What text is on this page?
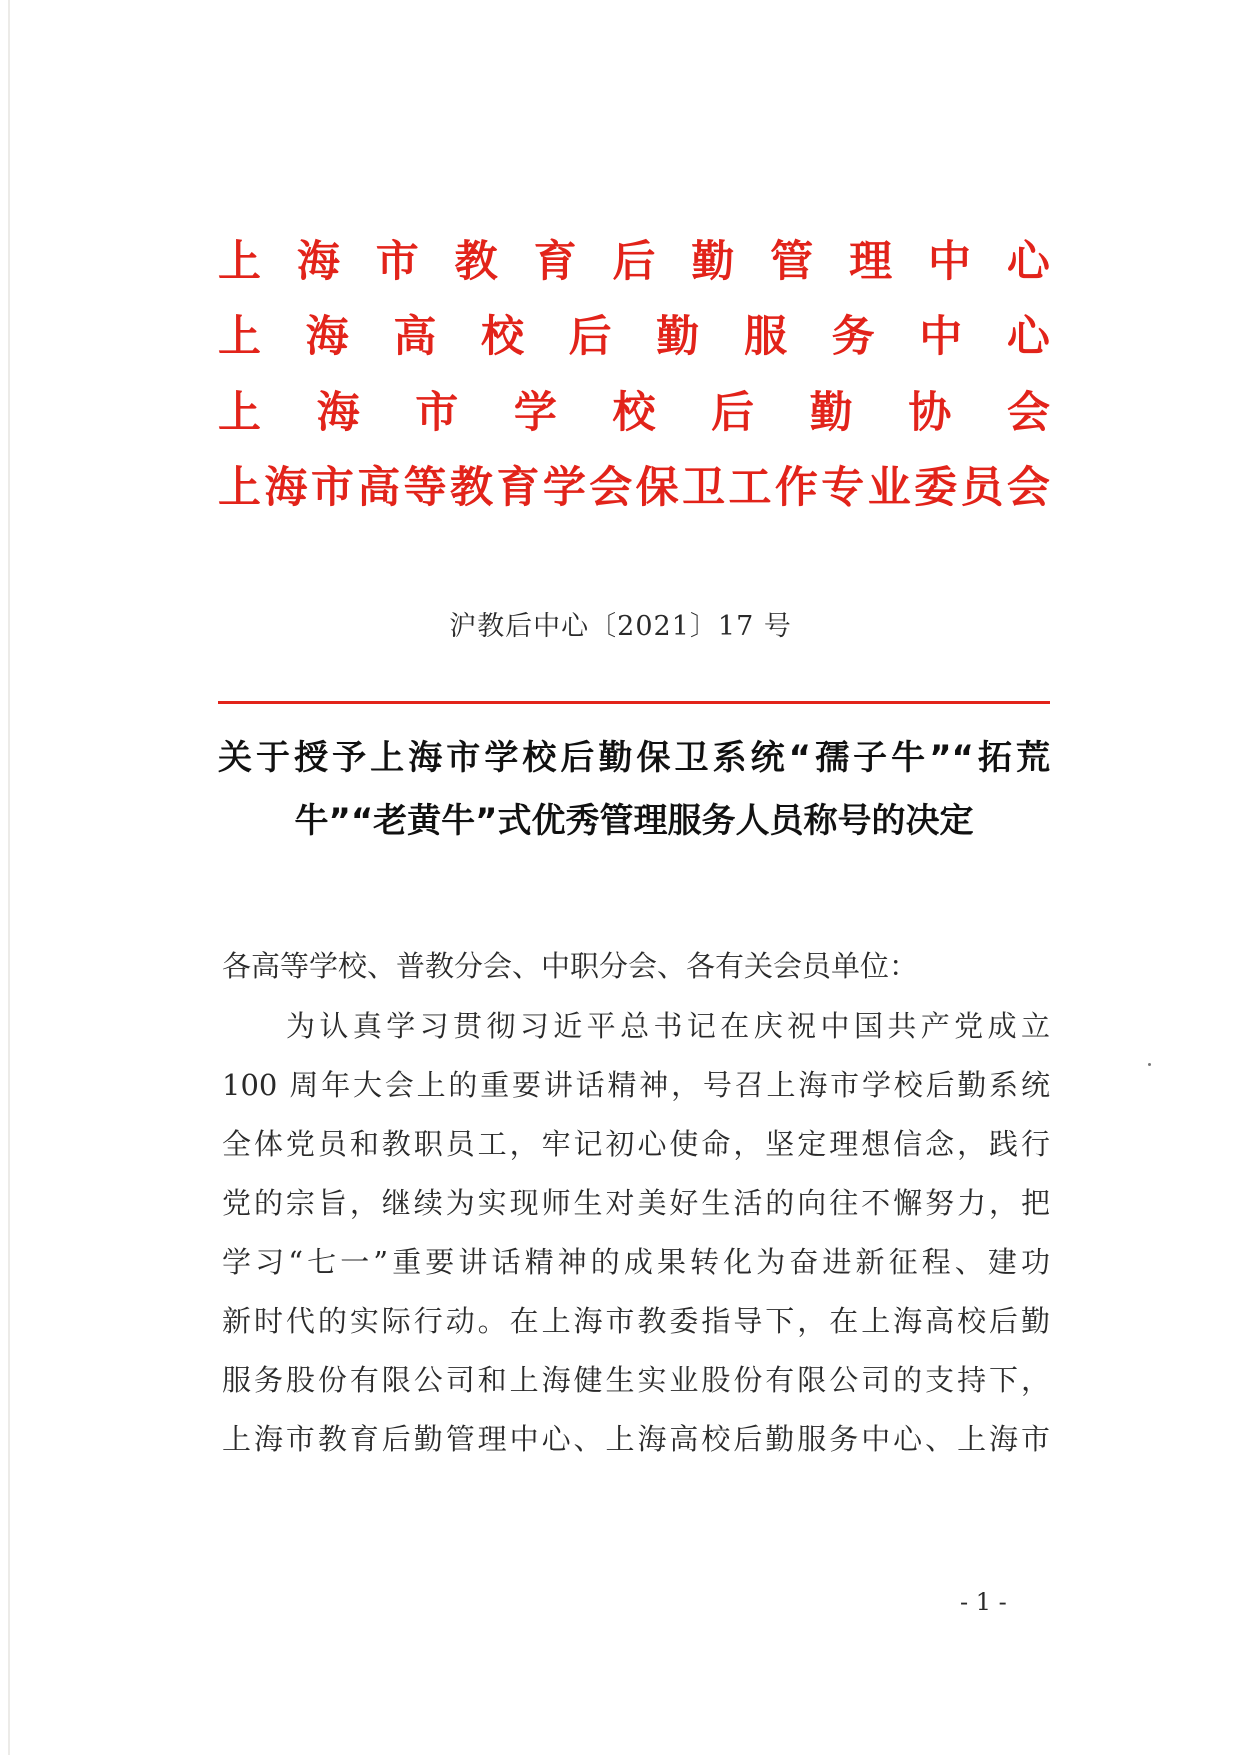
上 海 市 教 育 后 勤 管 理 中 心
上 海 高 校 后 勤 服 务 中 心
上 海 市 学 校 后 勤 协 会
上 海 市 高 等 教 育 学 会 保 卫 工 作 专 业 委 员 会
沪教后中心〔2021〕17 号
关于授予上海市学校后勤保卫系统“孺子牛”“拓荒
牛”“老黄牛”式优秀管理服务人员称号的决定
各高等学校、普教分会、中职分会、各有关会员单位：
为认真学习贯彻习近平总书记在庆祝中国共产党成立
100 周年大会上的重要讲话精神，号召上海市学校后勤系统
全体党员和教职员工，牢记初心使命，坚定理想信念，践行
党的宗旨，继续为实现师生对美好生活的向往不懈努力，把
学习“七一”重要讲话精神的成果转化为奋进新征程、建功
新时代的实际行动。在上海市教委指导下，在上海高校后勤
服务股份有限公司和上海健生实业股份有限公司的支持下，
上海市教育后勤管理中心、上海高校后勤服务中心、上海市
- 1 -
